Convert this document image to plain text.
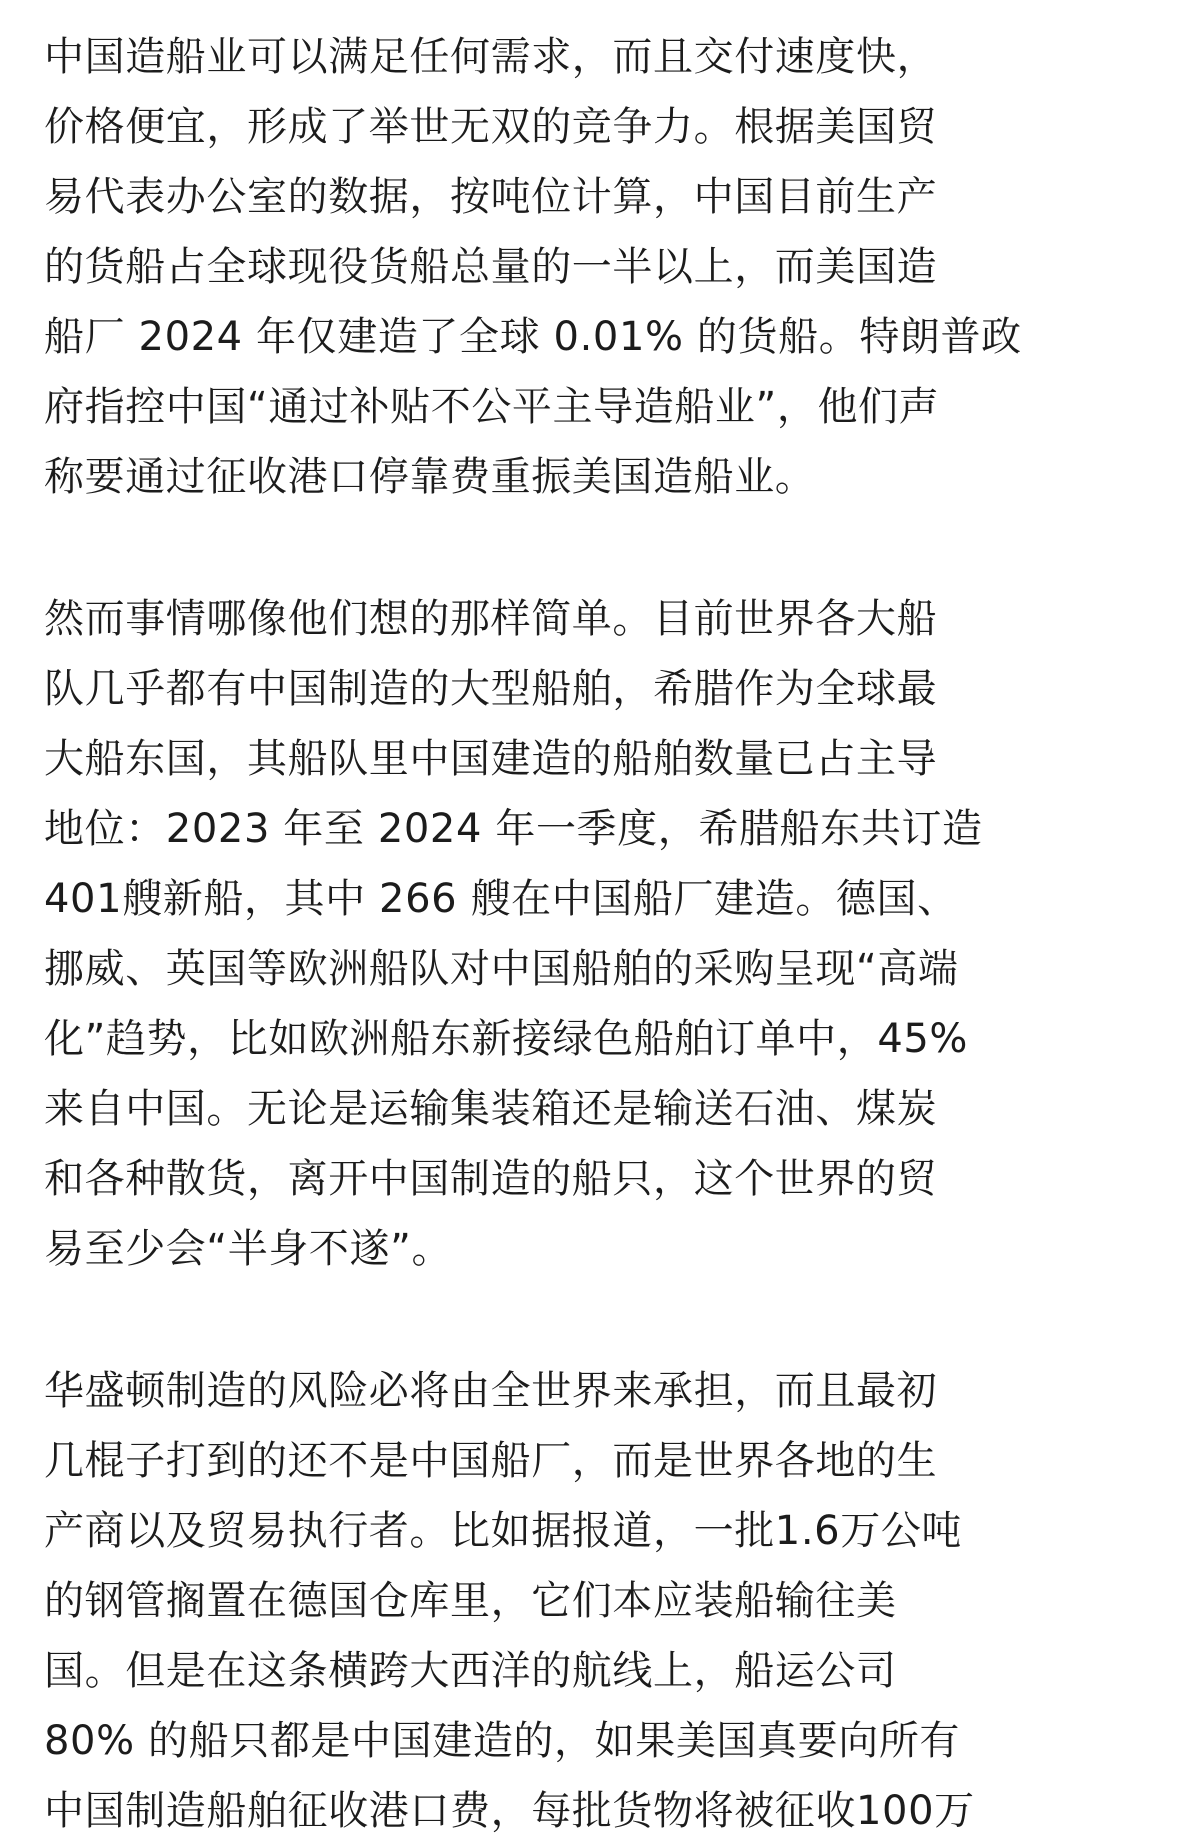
中国造船业可以满足任何需求，而且交付速度快，
价格便宜，形成了举世无双的竞争力。根据美国贸
易代表办公室的数据，按吨位计算，中国目前生产
的货船占全球现役货船总量的一半以上，而美国造
船厂 2024 年仅建造了全球 0.01% 的货船。特朗普政
府指控中国“通过补贴不公平主导造船业”，他们声
称要通过征收港口停靠费重振美国造船业。
然而事情哪像他们想的那样简单。目前世界各大船
队几乎都有中国制造的大型船舶，希腊作为全球最
大船东国，其船队里中国建造的船舶数量已占主导
地位：2023 年至 2024 年一季度，希腊船东共订造
401艘新船，其中 266 艘在中国船厂建造。德国、
挪威、英国等欧洲船队对中国船舶的采购呈现“高端
化”趋势，比如欧洲船东新接绿色船舶订单中，45%
来自中国。无论是运输集装箱还是输送石油、煤炭
和各种散货，离开中国制造的船只，这个世界的贸
易至少会“半身不遂”。
华盛顿制造的风险必将由全世界来承担，而且最初
几棍子打到的还不是中国船厂，而是世界各地的生
产商以及贸易执行者。比如据报道，一批1.6万公吨
的钢管搁置在德国仓库里，它们本应装船输往美
国。但是在这条横跨大西洋的航线上，船运公司
80% 的船只都是中国建造的，如果美国真要向所有
中国制造船舶征收港口费，每批货物将被征收100万
